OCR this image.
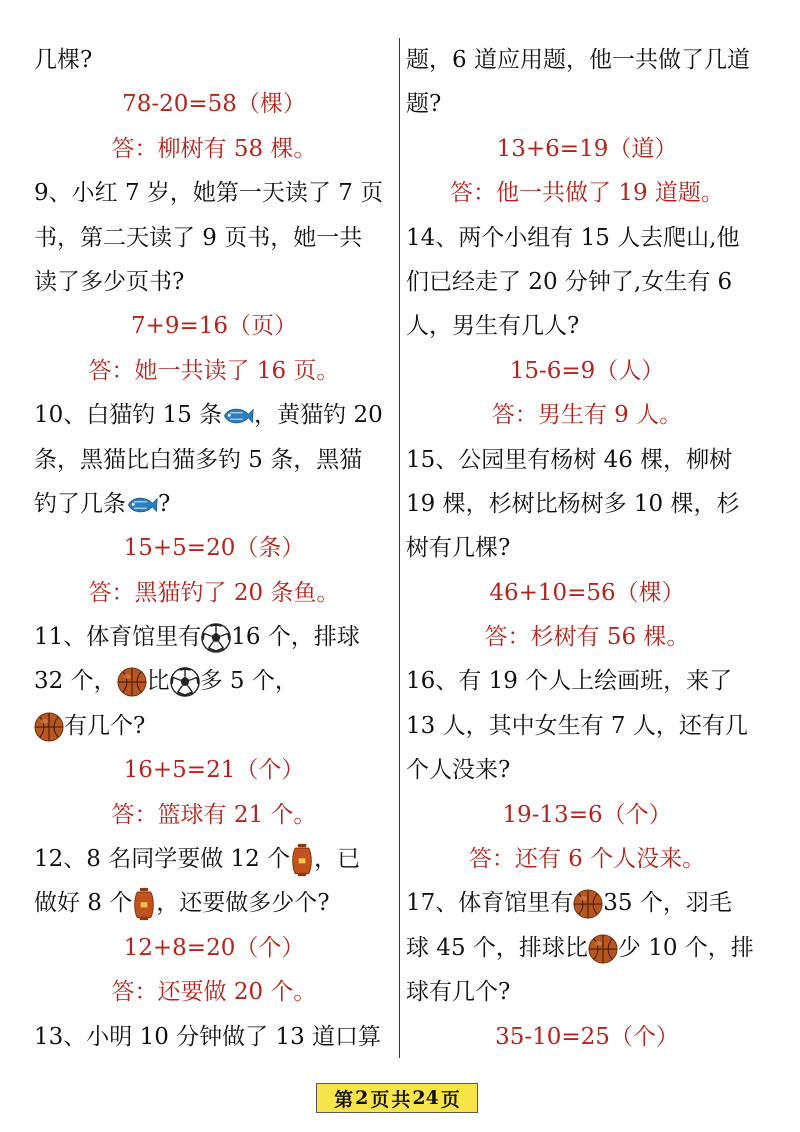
几棵?
78-20=58（棵）
答：柳树有 58 棵。
9、小红 7 岁，她第一天读了 7 页
书，第二天读了 9 页书，她一共
读了多少页书?
7+9=16（页）
答：她一共读了 16 页。
10、白猫钓 15 条 ，黄猫钓 20
条，黑猫比白猫多钓 5 条，黑猫
钓了几条 ?
15+5=20（条）
答：黑猫钓了 20 条鱼。
11、体育馆里有 16 个，排球
32 个， 比 多 5 个，
有几个?
16+5=21（个）
答：篮球有 21 个。
12、8 名同学要做 12 个 ，已
做好 8 个 ，还要做多少个?
12+8=20（个）
答：还要做 20 个。
13、小明 10 分钟做了 13 道口算
题，6 道应用题，他一共做了几道
题?
13+6=19（道）
答：他一共做了 19 道题。
14、两个小组有 15 人去爬山,他
们已经走了 20 分钟了,女生有 6
人，男生有几人?
15-6=9（人）
答：男生有 9 人。
15、公园里有杨树 46 棵，柳树
19 棵，杉树比杨树多 10 棵，杉
树有几棵?
46+10=56（棵）
答：杉树有 56 棵。
16、有 19 个人上绘画班，来了
13 人，其中女生有 7 人，还有几
个人没来?
19-13=6（个）
答：还有 6 个人没来。
17、体育馆里有 35 个，羽毛
球 45 个，排球比 少 10 个，排
球有几个?
35-10=25（个）
第 2 页 共 24 页
